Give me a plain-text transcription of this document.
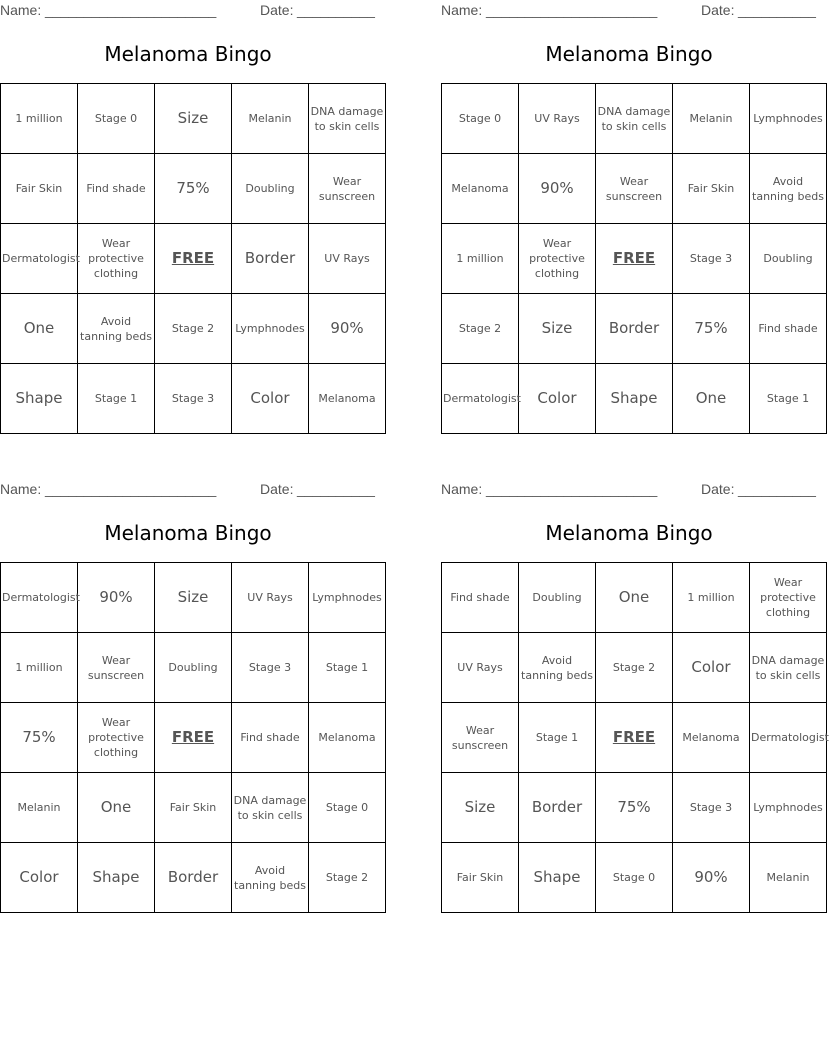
Name: ______________________	Date: __________
Melanoma Bingo
1 million	Stage 0	Size	Melanin	DNA damage to skin cells
Fair Skin	Find shade	75%	Doubling	Wear sunscreen
Dermatologist	Wear protective clothing	FREE	Border	UV Rays
One	Avoid tanning beds	Stage 2	Lymphnodes	90%
Shape	Stage 1	Stage 3	Color	Melanoma
Name: ______________________	Date: __________
Melanoma Bingo
Stage 0	UV Rays	DNA damage to skin cells	Melanin	Lymphnodes
Melanoma	90%	Wear sunscreen	Fair Skin	Avoid tanning beds
1 million	Wear protective clothing	FREE	Stage 3	Doubling
Stage 2	Size	Border	75%	Find shade
Dermatologist	Color	Shape	One	Stage 1
Name: ______________________	Date: __________
Melanoma Bingo
Dermatologist	90%	Size	UV Rays	Lymphnodes
1 million	Wear sunscreen	Doubling	Stage 3	Stage 1
75%	Wear protective clothing	FREE	Find shade	Melanoma
Melanin	One	Fair Skin	DNA damage to skin cells	Stage 0
Color	Shape	Border	Avoid tanning beds	Stage 2
Name: ______________________	Date: __________
Melanoma Bingo
Find shade	Doubling	One	1 million	Wear protective clothing
UV Rays	Avoid tanning beds	Stage 2	Color	DNA damage to skin cells
Wear sunscreen	Stage 1	FREE	Melanoma	Dermatologist
Size	Border	75%	Stage 3	Lymphnodes
Fair Skin	Shape	Stage 0	90%	Melanin
